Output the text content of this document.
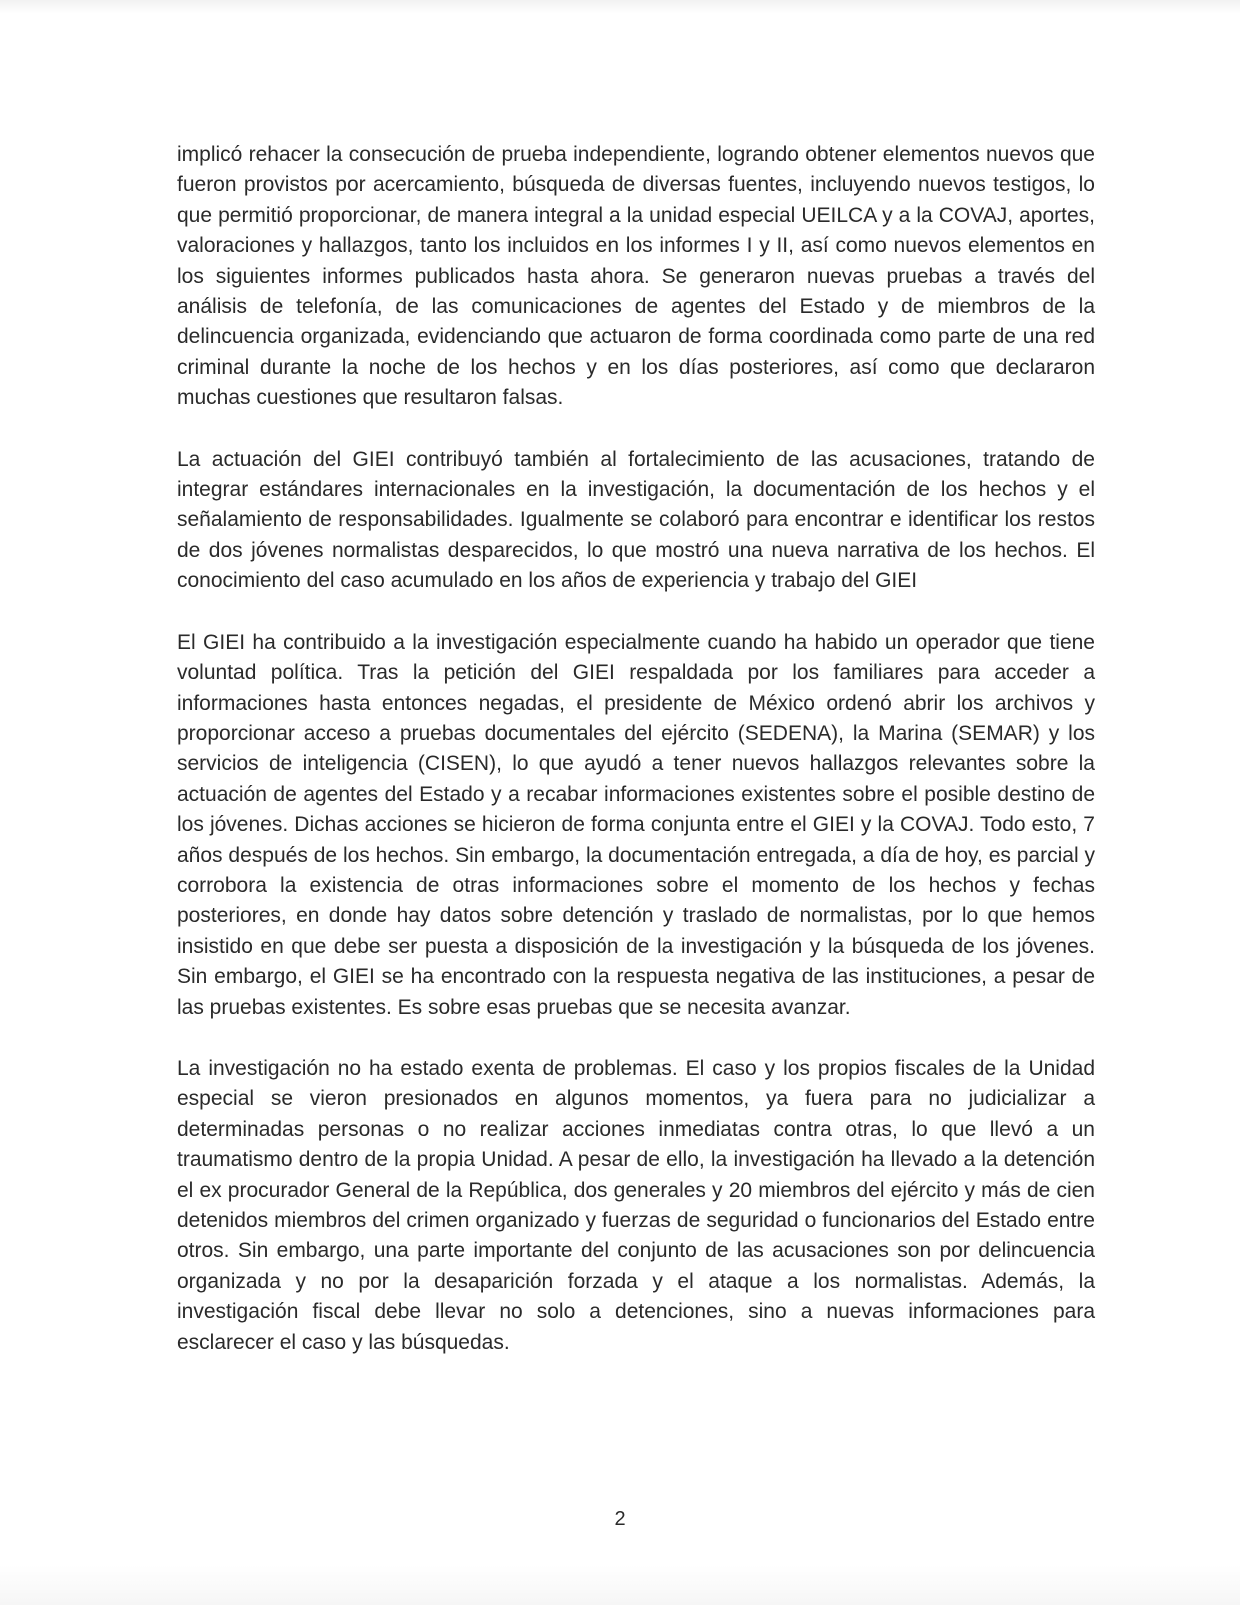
implicó rehacer la consecución de prueba independiente, logrando obtener elementos nuevos que fueron provistos por acercamiento, búsqueda de diversas fuentes, incluyendo nuevos testigos, lo que permitió proporcionar, de manera integral a la unidad especial UEILCA y a la COVAJ, aportes, valoraciones y hallazgos, tanto los incluidos en los informes I y II, así como nuevos elementos en los siguientes informes publicados hasta ahora. Se generaron nuevas pruebas a través del análisis de telefonía, de las comunicaciones de agentes del Estado y de miembros de la delincuencia organizada, evidenciando que actuaron de forma coordinada como parte de una red criminal durante la noche de los hechos y en los días posteriores, así como que declararon muchas cuestiones que resultaron falsas.

La actuación del GIEI contribuyó también al fortalecimiento de las acusaciones, tratando de integrar estándares internacionales en la investigación, la documentación de los hechos y el señalamiento de responsabilidades. Igualmente se colaboró para encontrar e identificar los restos de dos jóvenes normalistas desparecidos, lo que mostró una nueva narrativa de los hechos. El conocimiento del caso acumulado en los años de experiencia y trabajo del GIEI

El GIEI ha contribuido a la investigación especialmente cuando ha habido un operador que tiene voluntad política. Tras la petición del GIEI respaldada por los familiares para acceder a informaciones hasta entonces negadas, el presidente de México ordenó abrir los archivos y proporcionar acceso a pruebas documentales del ejército (SEDENA), la Marina (SEMAR) y los servicios de inteligencia (CISEN), lo que ayudó a tener nuevos hallazgos relevantes sobre la actuación de agentes del Estado y a recabar informaciones existentes sobre el posible destino de los jóvenes. Dichas acciones se hicieron de forma conjunta entre el GIEI y la COVAJ. Todo esto, 7 años después de los hechos. Sin embargo, la documentación entregada, a día de hoy, es parcial y corrobora la existencia de otras informaciones sobre el momento de los hechos y fechas posteriores, en donde hay datos sobre detención y traslado de normalistas, por lo que hemos insistido en que debe ser puesta a disposición de la investigación y la búsqueda de los jóvenes. Sin embargo, el GIEI se ha encontrado con la respuesta negativa de las instituciones, a pesar de las pruebas existentes. Es sobre esas pruebas que se necesita avanzar.

La investigación no ha estado exenta de problemas. El caso y los propios fiscales de la Unidad especial se vieron presionados en algunos momentos, ya fuera para no judicializar a determinadas personas o no realizar acciones inmediatas contra otras, lo que llevó a un traumatismo dentro de la propia Unidad. A pesar de ello, la investigación ha llevado a la detención el ex procurador General de la República, dos generales y 20 miembros del ejército y más de cien detenidos miembros del crimen organizado y fuerzas de seguridad o funcionarios del Estado entre otros. Sin embargo, una parte importante del conjunto de las acusaciones son por delincuencia organizada y no por la desaparición forzada y el ataque a los normalistas. Además, la investigación fiscal debe llevar no solo a detenciones, sino a nuevas informaciones para esclarecer el caso y las búsquedas.

2
